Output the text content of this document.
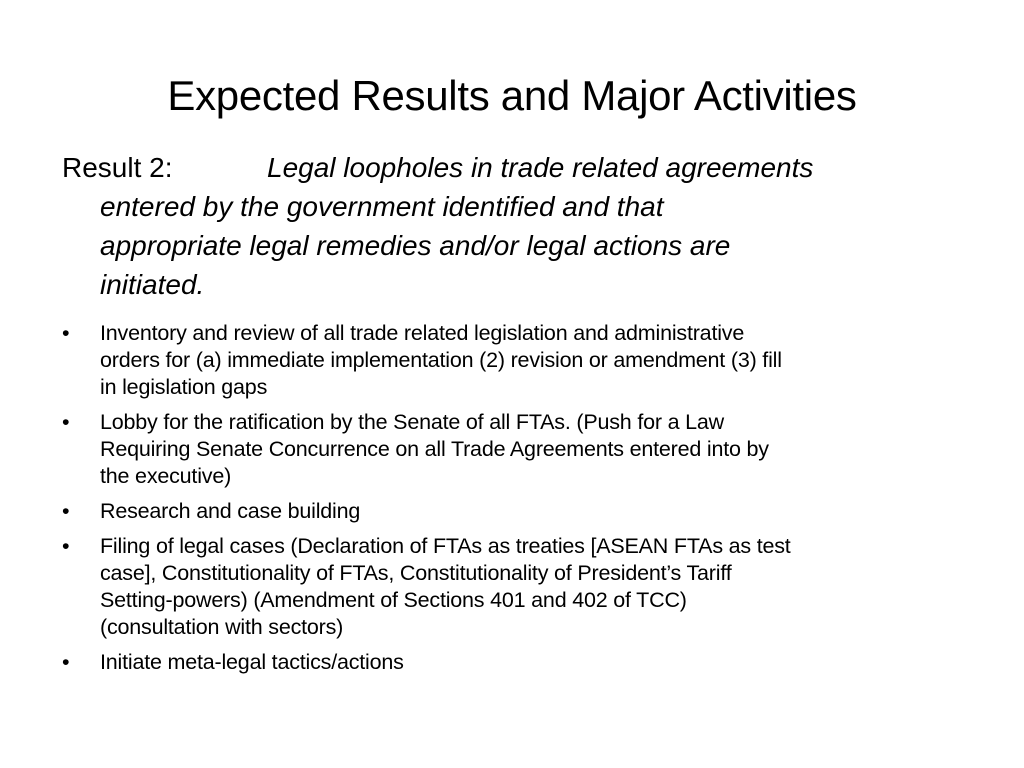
Expected Results and Major Activities
Result 2:	Legal loopholes in trade related agreements
entered by the government identified and that
appropriate legal remedies and/or legal actions are
initiated.
•	Inventory and review of all trade related legislation and administrative
orders for (a) immediate implementation (2) revision or amendment (3) fill
in legislation gaps
•	Lobby for the ratification by the Senate of all FTAs. (Push for a Law
Requiring Senate Concurrence on all Trade Agreements entered into by
the executive)
•	Research and case building
•	Filing of legal cases (Declaration of FTAs as treaties [ASEAN FTAs as test
case], Constitutionality of FTAs, Constitutionality of President’s Tariff
Setting-powers) (Amendment of Sections 401 and 402 of TCC)
(consultation with sectors)
•	Initiate meta-legal tactics/actions
